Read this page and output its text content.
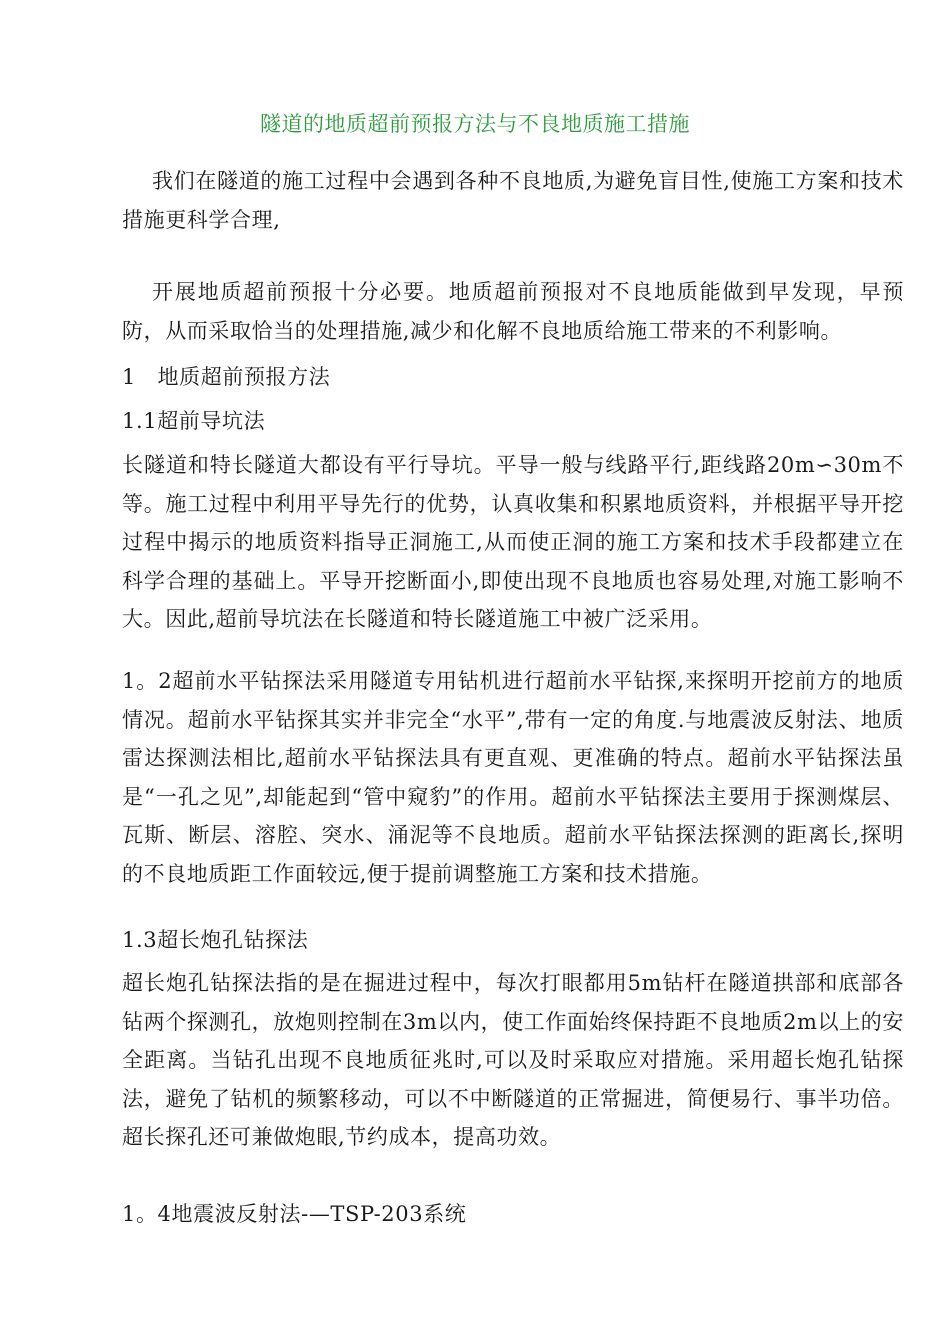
隧道的地质超前预报方法与不良地质施工措施
我们在隧道的施工过程中会遇到各种不良地质,为避免盲目性,使施工方案和技术措施更科学合理,
开展地质超前预报十分必要。地质超前预报对不良地质能做到早发现，早预防，从而采取恰当的处理措施,减少和化解不良地质给施工带来的不利影响。
1　地质超前预报方法
1.1超前导坑法
长隧道和特长隧道大都设有平行导坑。平导一般与线路平行,距线路20m∽30m不等。施工过程中利用平导先行的优势，认真收集和积累地质资料，并根据平导开挖过程中揭示的地质资料指导正洞施工,从而使正洞的施工方案和技术手段都建立在科学合理的基础上。平导开挖断面小,即使出现不良地质也容易处理,对施工影响不大。因此,超前导坑法在长隧道和特长隧道施工中被广泛采用。
1。2超前水平钻探法采用隧道专用钻机进行超前水平钻探,来探明开挖前方的地质情况。超前水平钻探其实并非完全“水平”,带有一定的角度.与地震波反射法、地质雷达探测法相比,超前水平钻探法具有更直观、更准确的特点。超前水平钻探法虽是“一孔之见”,却能起到“管中窥豹”的作用。超前水平钻探法主要用于探测煤层、瓦斯、断层、溶腔、突水、涌泥等不良地质。超前水平钻探法探测的距离长,探明的不良地质距工作面较远,便于提前调整施工方案和技术措施。
1.3超长炮孔钻探法
超长炮孔钻探法指的是在掘进过程中，每次打眼都用5m钻杆在隧道拱部和底部各钻两个探测孔，放炮则控制在3m以内，使工作面始终保持距不良地质2m以上的安全距离。当钻孔出现不良地质征兆时,可以及时采取应对措施。采用超长炮孔钻探法，避免了钻机的频繁移动，可以不中断隧道的正常掘进，简便易行、事半功倍。超长探孔还可兼做炮眼,节约成本，提高功效。
1。4地震波反射法-—TSP-203系统
